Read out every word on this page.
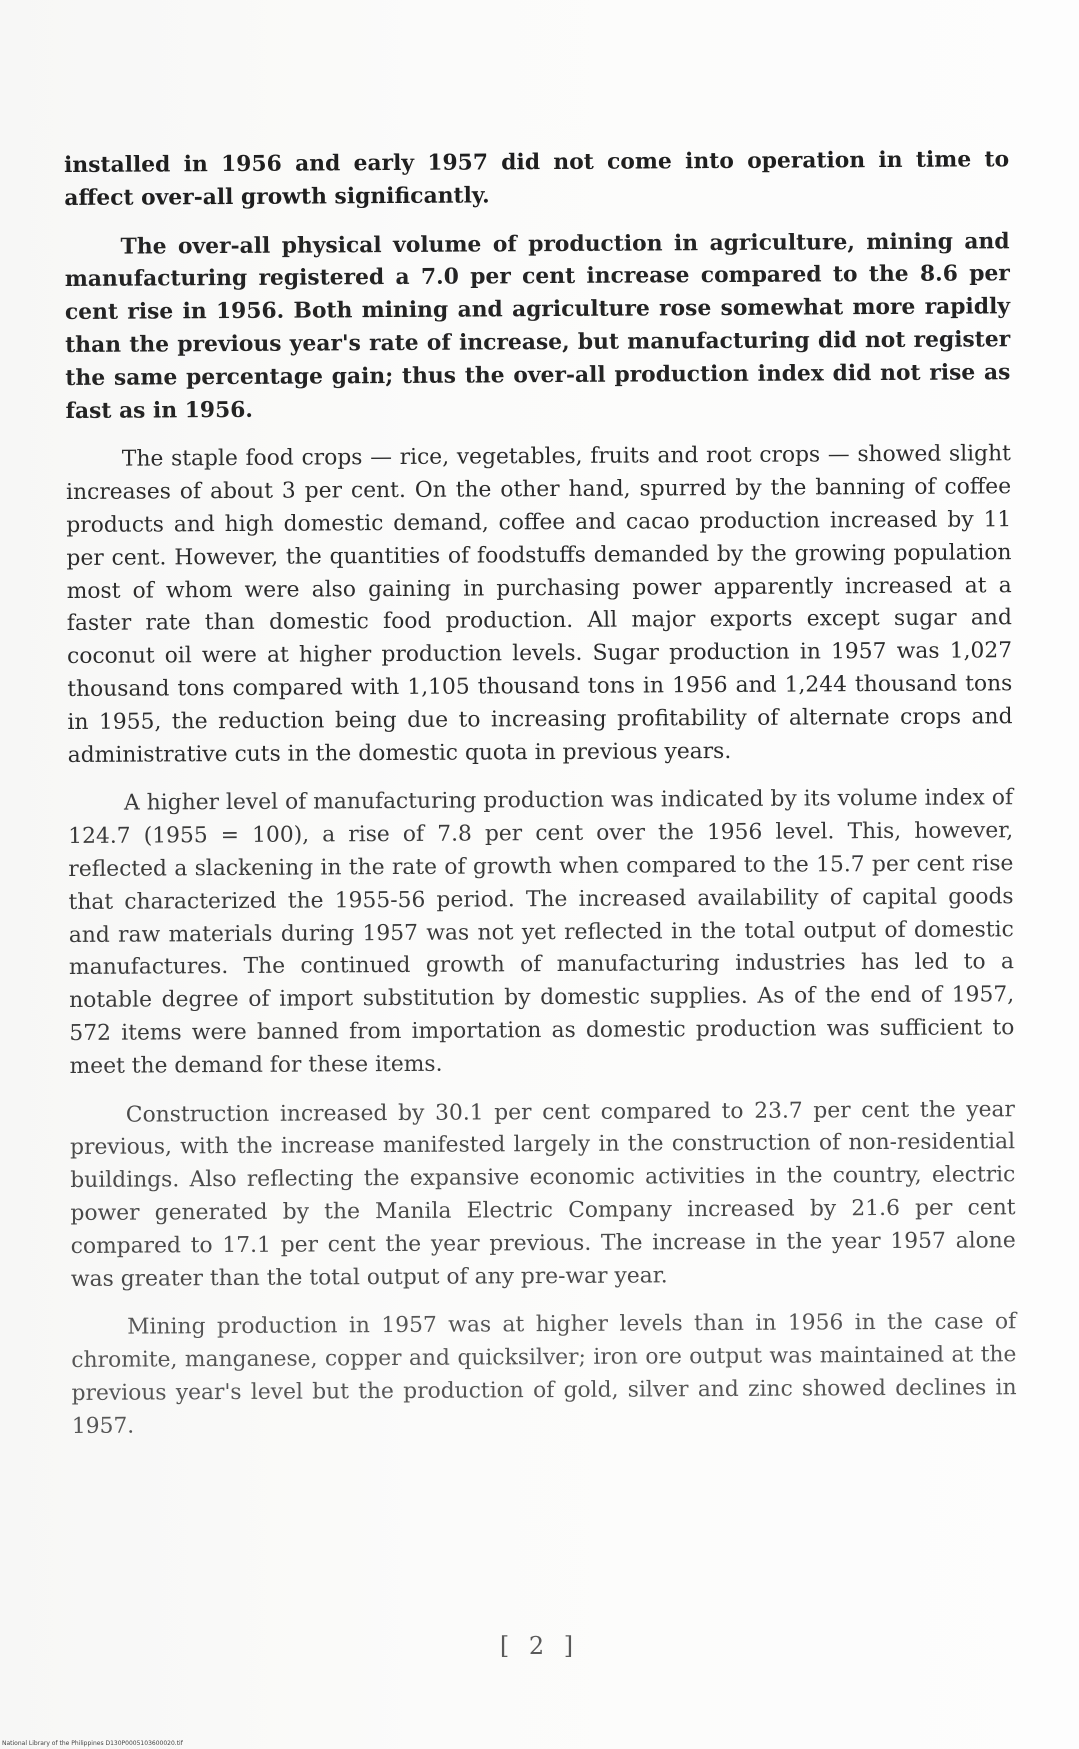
installed in 1956 and early 1957 did not come into operation in time to affect over-all growth significantly.

The over-all physical volume of production in agriculture, mining and manufacturing registered a 7.0 per cent increase compared to the 8.6 per cent rise in 1956. Both mining and agriculture rose somewhat more rapidly than the previous year's rate of increase, but manufacturing did not register the same percentage gain; thus the over-all production index did not rise as fast as in 1956.

The staple food crops — rice, vegetables, fruits and root crops — showed slight increases of about 3 per cent. On the other hand, spurred by the banning of coffee products and high domestic demand, coffee and cacao production increased by 11 per cent. However, the quantities of foodstuffs demanded by the growing population most of whom were also gaining in purchasing power apparently increased at a faster rate than domestic food production. All major exports except sugar and coconut oil were at higher production levels. Sugar production in 1957 was 1,027 thousand tons compared with 1,105 thousand tons in 1956 and 1,244 thousand tons in 1955, the reduction being due to increasing profitability of alternate crops and administrative cuts in the domestic quota in previous years.

A higher level of manufacturing production was indicated by its volume index of 124.7 (1955 = 100), a rise of 7.8 per cent over the 1956 level. This, however, reflected a slackening in the rate of growth when compared to the 15.7 per cent rise that characterized the 1955-56 period. The increased availability of capital goods and raw materials during 1957 was not yet reflected in the total output of domestic manufactures. The continued growth of manufacturing industries has led to a notable degree of import substitution by domestic supplies. As of the end of 1957, 572 items were banned from importation as domestic production was sufficient to meet the demand for these items.

Construction increased by 30.1 per cent compared to 23.7 per cent the year previous, with the increase manifested largely in the construction of non-residential buildings. Also reflecting the expansive economic activities in the country, electric power generated by the Manila Electric Company increased by 21.6 per cent compared to 17.1 per cent the year previous. The increase in the year 1957 alone was greater than the total output of any pre-war year.

Mining production in 1957 was at higher levels than in 1956 in the case of chromite, manganese, copper and quicksilver; iron ore output was maintained at the previous year's level but the production of gold, silver and zinc showed declines in 1957.

[ 2 ]
National Library of the Philippines D130P0005103600020.tif
